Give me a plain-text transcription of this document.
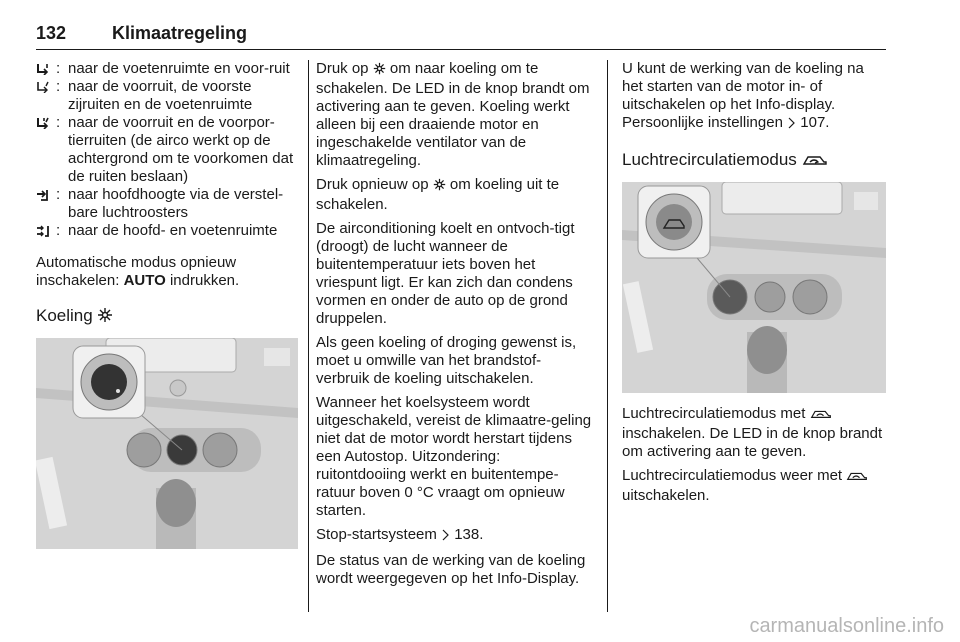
132	Klimaatregeling
: naar de voetenruimte en voor-ruit
: naar de voorruit, de voorste zijruiten en de voetenruimte
: naar de voorruit en de voorpor-tierruiten (de airco werkt op de achtergrond om te voorkomen dat de ruiten beslaan)
: naar hoofdhoogte via de verstel-bare luchtroosters
: naar de hoofd- en voetenruimte

Automatische modus opnieuw inschakelen: AUTO indrukken.

Koeling

Druk op  om naar koeling om te schakelen. De LED in de knop brandt om activering aan te geven. Koeling werkt alleen bij een draaiende motor en ingeschakelde ventilator van de klimaatregeling.

Druk opnieuw op  om koeling uit te schakelen.

De airconditioning koelt en ontvoch-tigt (droogt) de lucht wanneer de buitentemperatuur iets boven het vriespunt ligt. Er kan zich dan condens vormen en onder de auto op de grond druppelen.

Als geen koeling of droging gewenst is, moet u omwille van het brandstof-verbruik de koeling uitschakelen.

Wanneer het koelsysteem wordt uitgeschakeld, vereist de klimaatre-geling niet dat de motor wordt herstart tijdens een Autostop. Uitzondering: ruitontdooiing werkt en buitentempe-ratuur boven 0 °C vraagt om opnieuw starten.

Stop-startsysteem  138.

De status van de werking van de koeling wordt weergegeven op het Info-Display.

U kunt de werking van de koeling na het starten van de motor in- of uitschakelen op het Info-display. Persoonlijke instellingen  107.

Luchtrecirculatiemodus

Luchtrecirculatiemodus met  inschakelen. De LED in de knop brandt om activering aan te geven.

Luchtrecirculatiemodus weer met  uitschakelen.

carmanualsonline.info
